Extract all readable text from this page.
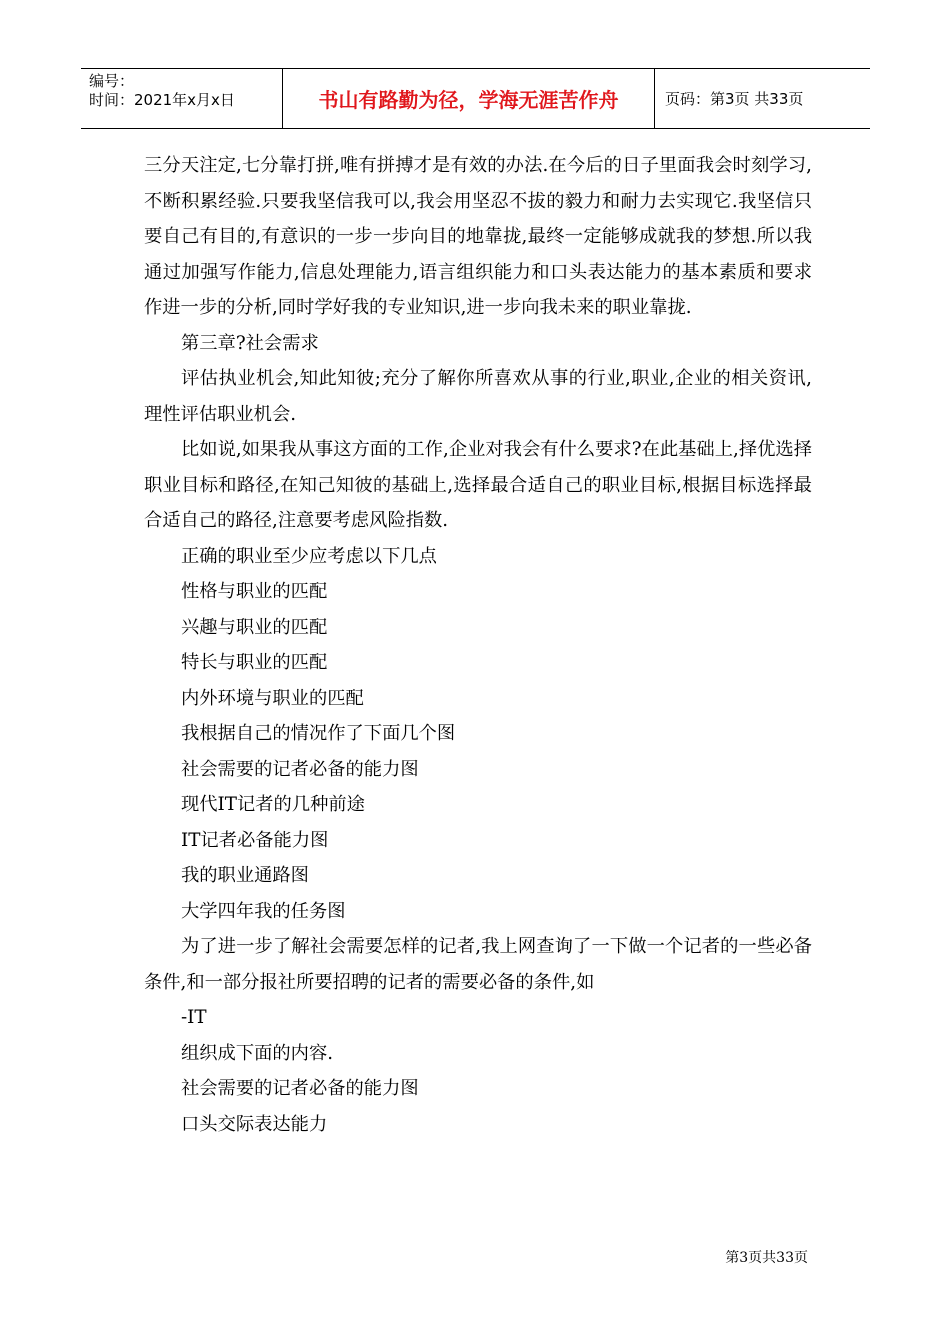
编号：
时间：2021年x月x日	书山有路勤为径，学海无涯苦作舟	页码：第3页 共33页

三分天注定,七分靠打拼,唯有拼搏才是有效的办法.在今后的日子里面我会时刻学习,不断积累经验.只要我坚信我可以,我会用坚忍不拔的毅力和耐力去实现它.我坚信只要自己有目的,有意识的一步一步向目的地靠拢,最终一定能够成就我的梦想.所以我通过加强写作能力,信息处理能力,语言组织能力和口头表达能力的基本素质和要求作进一步的分析,同时学好我的专业知识,进一步向我未来的职业靠拢.

第三章?社会需求

评估执业机会,知此知彼;充分了解你所喜欢从事的行业,职业,企业的相关资讯,理性评估职业机会.

比如说,如果我从事这方面的工作,企业对我会有什么要求?在此基础上,择优选择职业目标和路径,在知己知彼的基础上,选择最合适自己的职业目标,根据目标选择最合适自己的路径,注意要考虑风险指数.

正确的职业至少应考虑以下几点

性格与职业的匹配

兴趣与职业的匹配

特长与职业的匹配

内外环境与职业的匹配

我根据自己的情况作了下面几个图

社会需要的记者必备的能力图

现代IT记者的几种前途

IT记者必备能力图

我的职业通路图

大学四年我的任务图

为了进一步了解社会需要怎样的记者,我上网查询了一下做一个记者的一些必备条件,和一部分报社所要招聘的记者的需要必备的条件,如

-IT

组织成下面的内容.

社会需要的记者必备的能力图

口头交际表达能力

第3页共33页
